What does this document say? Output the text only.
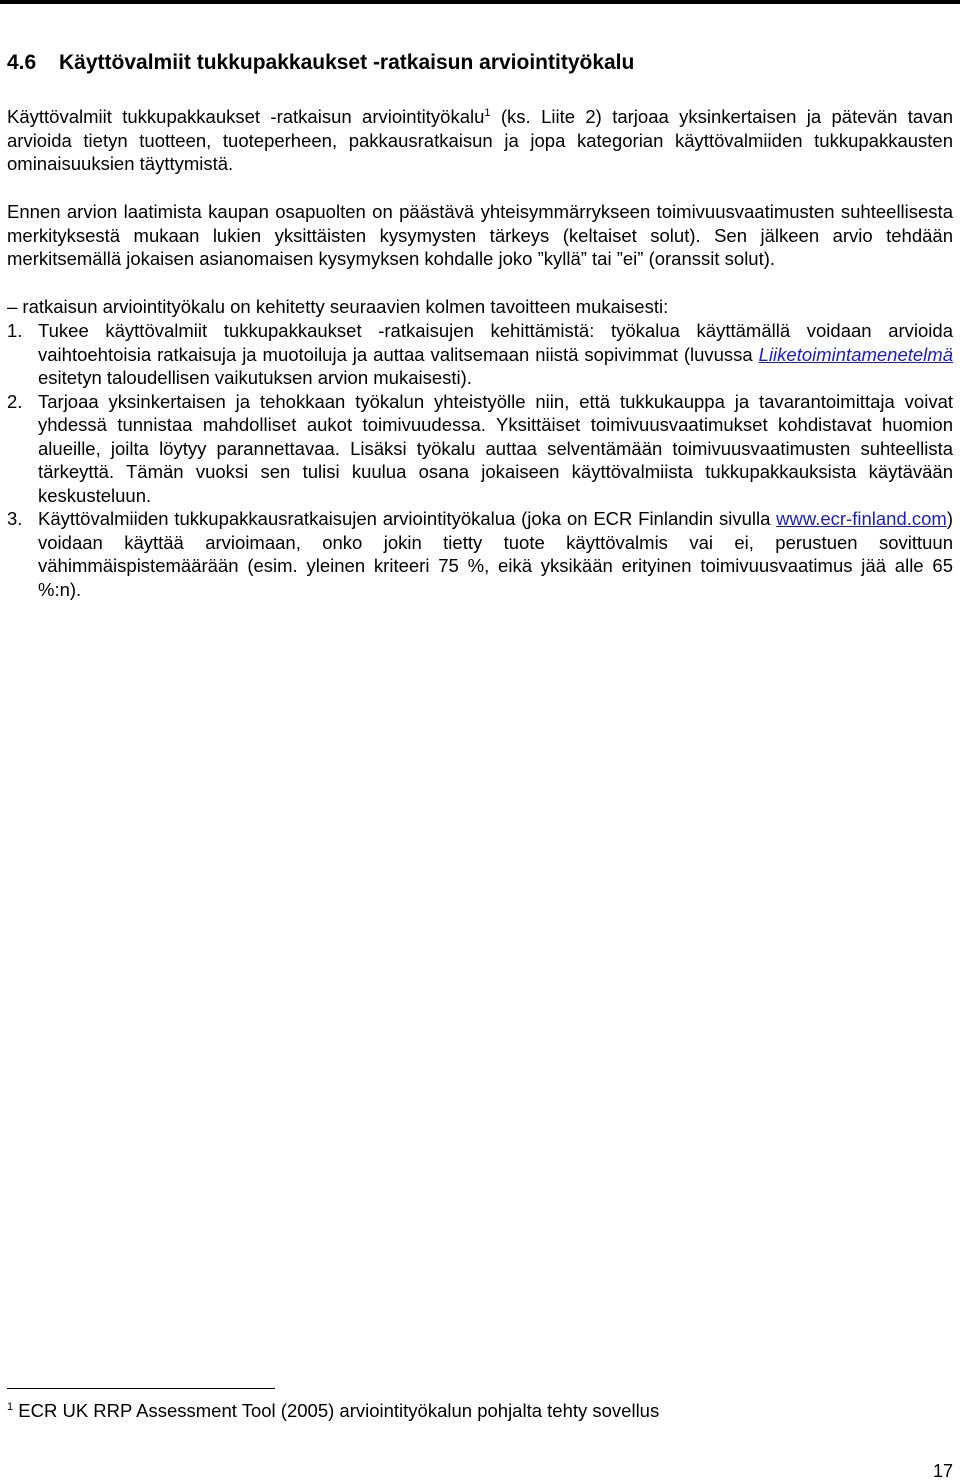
4.6 Käyttövalmiit tukkupakkaukset -ratkaisun arviointityökalu

Käyttövalmiit tukkupakkaukset -ratkaisun arviointityökalu$^1$ (ks. Liite 2) tarjoaa yksinkertaisen ja pätevän tavan arvioida tietyn tuotteen, tuoteperheen, pakkausratkaisun ja jopa kategorian käyttövalmiiden tukkupakkausten ominaisuuksien täyttymistä.

Ennen arvion laatimista kaupan osapuolten on päästävä yhteisymmärrykseen toimivuusvaatimusten suhteellisesta merkityksestä mukaan lukien yksittäisten kysymysten tärkeys (keltaiset solut). Sen jälkeen arvio tehdään merkitsemällä jokaisen asianomaisen kysymyksen kohdalle joko ”kyllä” tai ”ei” (oranssit solut).

– ratkaisun arviointityökalu on kehitetty seuraavien kolmen tavoitteen mukaisesti:

1. Tukee käyttövalmiit tukkupakkaukset -ratkaisujen kehittämistä: työkalua käyttämällä voidaan arvioida vaihtoehtoisia ratkaisuja ja muotoiluja ja auttaa valitsemaan niistä sopivimmat (luvussa Liiketoimintamenetelmä esitetyn taloudellisen vaikutuksen arvion mukaisesti).
2. Tarjoaa yksinkertaisen ja tehokkaan työkalun yhteistyölle niin, että tukkukauppa ja tavarantoimittaja voivat yhdessä tunnistaa mahdolliset aukot toimivuudessa. Yksittäiset toimivuusvaatimukset kohdistavat huomion alueille, joilta löytyy parannettavaa. Lisäksi työkalu auttaa selventämään toimivuusvaatimusten suhteellista tärkeyttä. Tämän vuoksi sen tulisi kuulua osana jokaiseen käyttövalmiista tukkupakkauksista käytävään keskusteluun.
3. Käyttövalmiiden tukkupakkausratkaisujen arviointityökalua (joka on ECR Finlandin sivulla www.ecr-finland.com) voidaan käyttää arvioimaan, onko jokin tietty tuote käyttövalmis vai ei, perustuen sovittuun vähimmäispistemäärään (esim. yleinen kriteeri 75 %, eikä yksikään erityinen toimivuusvaatimus jää alle 65 %:n).
$^1$ ECR UK RRP Assessment Tool (2005) arviointityökalun pohjalta tehty sovellus
17
